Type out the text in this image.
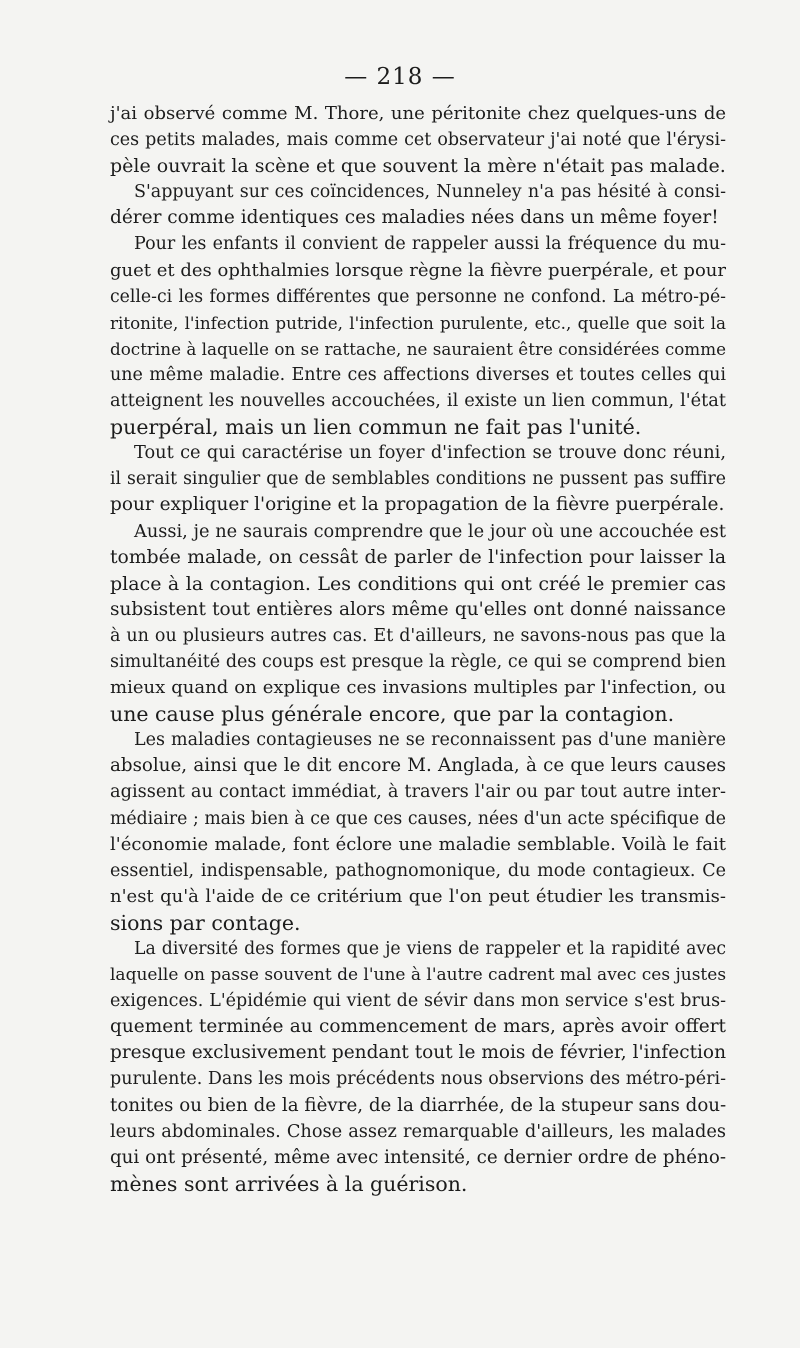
— 218 —
j'ai observé comme M. Thore, une péritonite chez quelques-uns de
ces petits malades, mais comme cet observateur j'ai noté que l'érysi-
pèle ouvrait la scène et que souvent la mère n'était pas malade.
S'appuyant sur ces coïncidences, Nunneley n'a pas hésité à consi-
dérer comme identiques ces maladies nées dans un même foyer!
Pour les enfants il convient de rappeler aussi la fréquence du mu-
guet et des ophthalmies lorsque règne la fièvre puerpérale, et pour
celle-ci les formes différentes que personne ne confond. La métro-pé-
ritonite, l'infection putride, l'infection purulente, etc., quelle que soit la
doctrine à laquelle on se rattache, ne sauraient être considérées comme
une même maladie. Entre ces affections diverses et toutes celles qui
atteignent les nouvelles accouchées, il existe un lien commun, l'état
puerpéral, mais un lien commun ne fait pas l'unité.
Tout ce qui caractérise un foyer d'infection se trouve donc réuni,
il serait singulier que de semblables conditions ne pussent pas suffire
pour expliquer l'origine et la propagation de la fièvre puerpérale.
Aussi, je ne saurais comprendre que le jour où une accouchée est
tombée malade, on cessât de parler de l'infection pour laisser la
place à la contagion. Les conditions qui ont créé le premier cas
subsistent tout entières alors même qu'elles ont donné naissance
à un ou plusieurs autres cas. Et d'ailleurs, ne savons-nous pas que la
simultanéité des coups est presque la règle, ce qui se comprend bien
mieux quand on explique ces invasions multiples par l'infection, ou
une cause plus générale encore, que par la contagion.
Les maladies contagieuses ne se reconnaissent pas d'une manière
absolue, ainsi que le dit encore M. Anglada, à ce que leurs causes
agissent au contact immédiat, à travers l'air ou par tout autre inter-
médiaire ; mais bien à ce que ces causes, nées d'un acte spécifique de
l'économie malade, font éclore une maladie semblable. Voilà le fait
essentiel, indispensable, pathognomonique, du mode contagieux. Ce
n'est qu'à l'aide de ce critérium que l'on peut étudier les transmis-
sions par contage.
La diversité des formes que je viens de rappeler et la rapidité avec
laquelle on passe souvent de l'une à l'autre cadrent mal avec ces justes
exigences. L'épidémie qui vient de sévir dans mon service s'est brus-
quement terminée au commencement de mars, après avoir offert
presque exclusivement pendant tout le mois de février, l'infection
purulente. Dans les mois précédents nous observions des métro-péri-
tonites ou bien de la fièvre, de la diarrhée, de la stupeur sans dou-
leurs abdominales. Chose assez remarquable d'ailleurs, les malades
qui ont présenté, même avec intensité, ce dernier ordre de phéno-
mènes sont arrivées à la guérison.
